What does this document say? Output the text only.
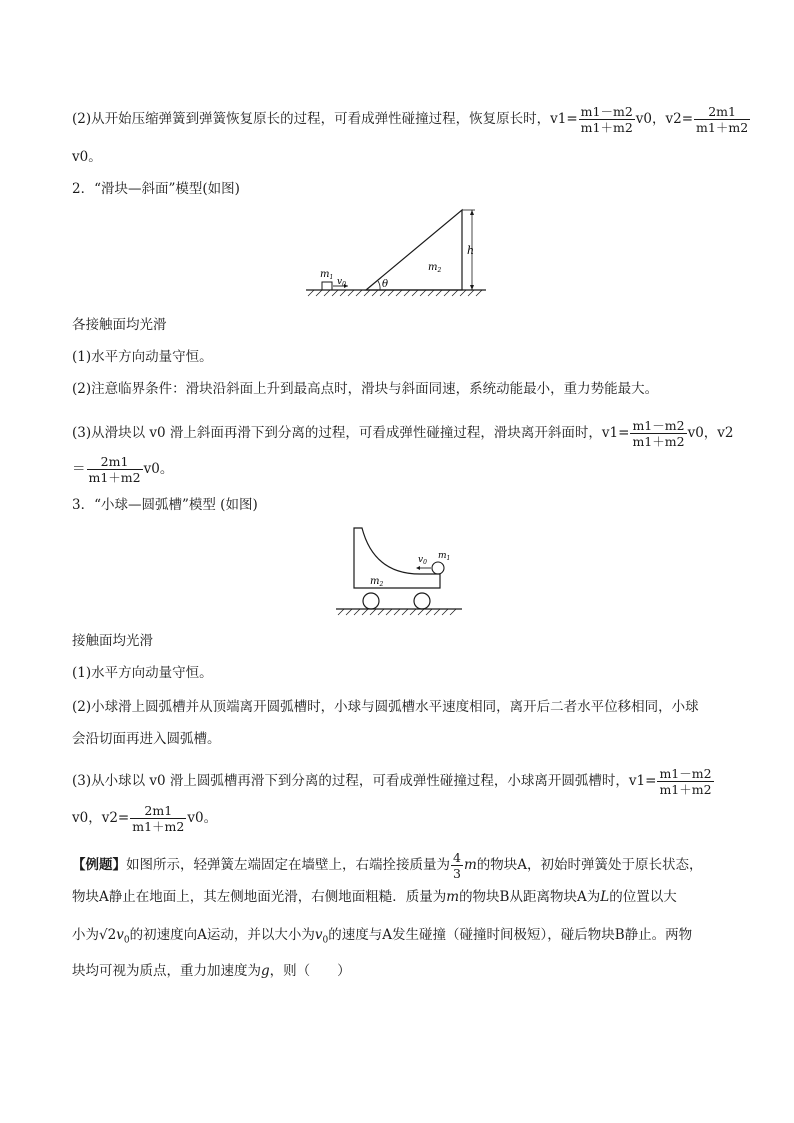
(2)从开始压缩弹簧到弹簧恢复原长的过程，可看成弹性碰撞过程，恢复原长时，$v1= \frac{m1-m2}{m1+m2} v0$，$v2= \frac{2m1}{m1+m2}$
v0。
2．“滑块—斜面”模型(如图)
$m_1$ $v_0$	θ
$m_2$
h
各接触面均光滑
(1)水平方向动量守恒。
(2)注意临界条件：滑块沿斜面上升到最高点时，滑块与斜面同速，系统动能最小，重力势能最大。
(3)从滑块以 v0 滑上斜面再滑下到分离的过程，可看成弹性碰撞过程，滑块离开斜面时，$v1= \frac{m1-m2}{m1+m2} v0$，v2
＝ $\frac{2m1}{m1+m2} v0$。
3．“小球—圆弧槽”模型 (如图)
$v_0$
$m_1$
$m_2$
接触面均光滑
(1)水平方向动量守恒。
(2)小球滑上圆弧槽并从顶端离开圆弧槽时，小球与圆弧槽水平速度相同，离开后二者水平位移相同，小球
会沿切面再进入圆弧槽。
(3)从小球以 v0 滑上圆弧槽再滑下到分离的过程，可看成弹性碰撞过程，小球离开圆弧槽时，$v1= \frac{m1-m2}{m1+m2}$
v0，$v2= \frac{2m1}{m1+m2} v0$。
【例题】如图所示，轻弹簧左端固定在墙壁上，右端拴接质量为 $\frac{4}{3}$ m的物块A，初始时弹簧处于原长状态，
物块A静止在地面上，其左侧地面光滑，右侧地面粗糙．质量为m的物块B从距离物块A为L的位置以大
小为$√2v_0$的初速度向A运动，并以大小为$v_0$的速度与A发生碰撞（碰撞时间极短），碰后物块B静止。两物
块均可视为质点，重力加速度为g，则（　　）
